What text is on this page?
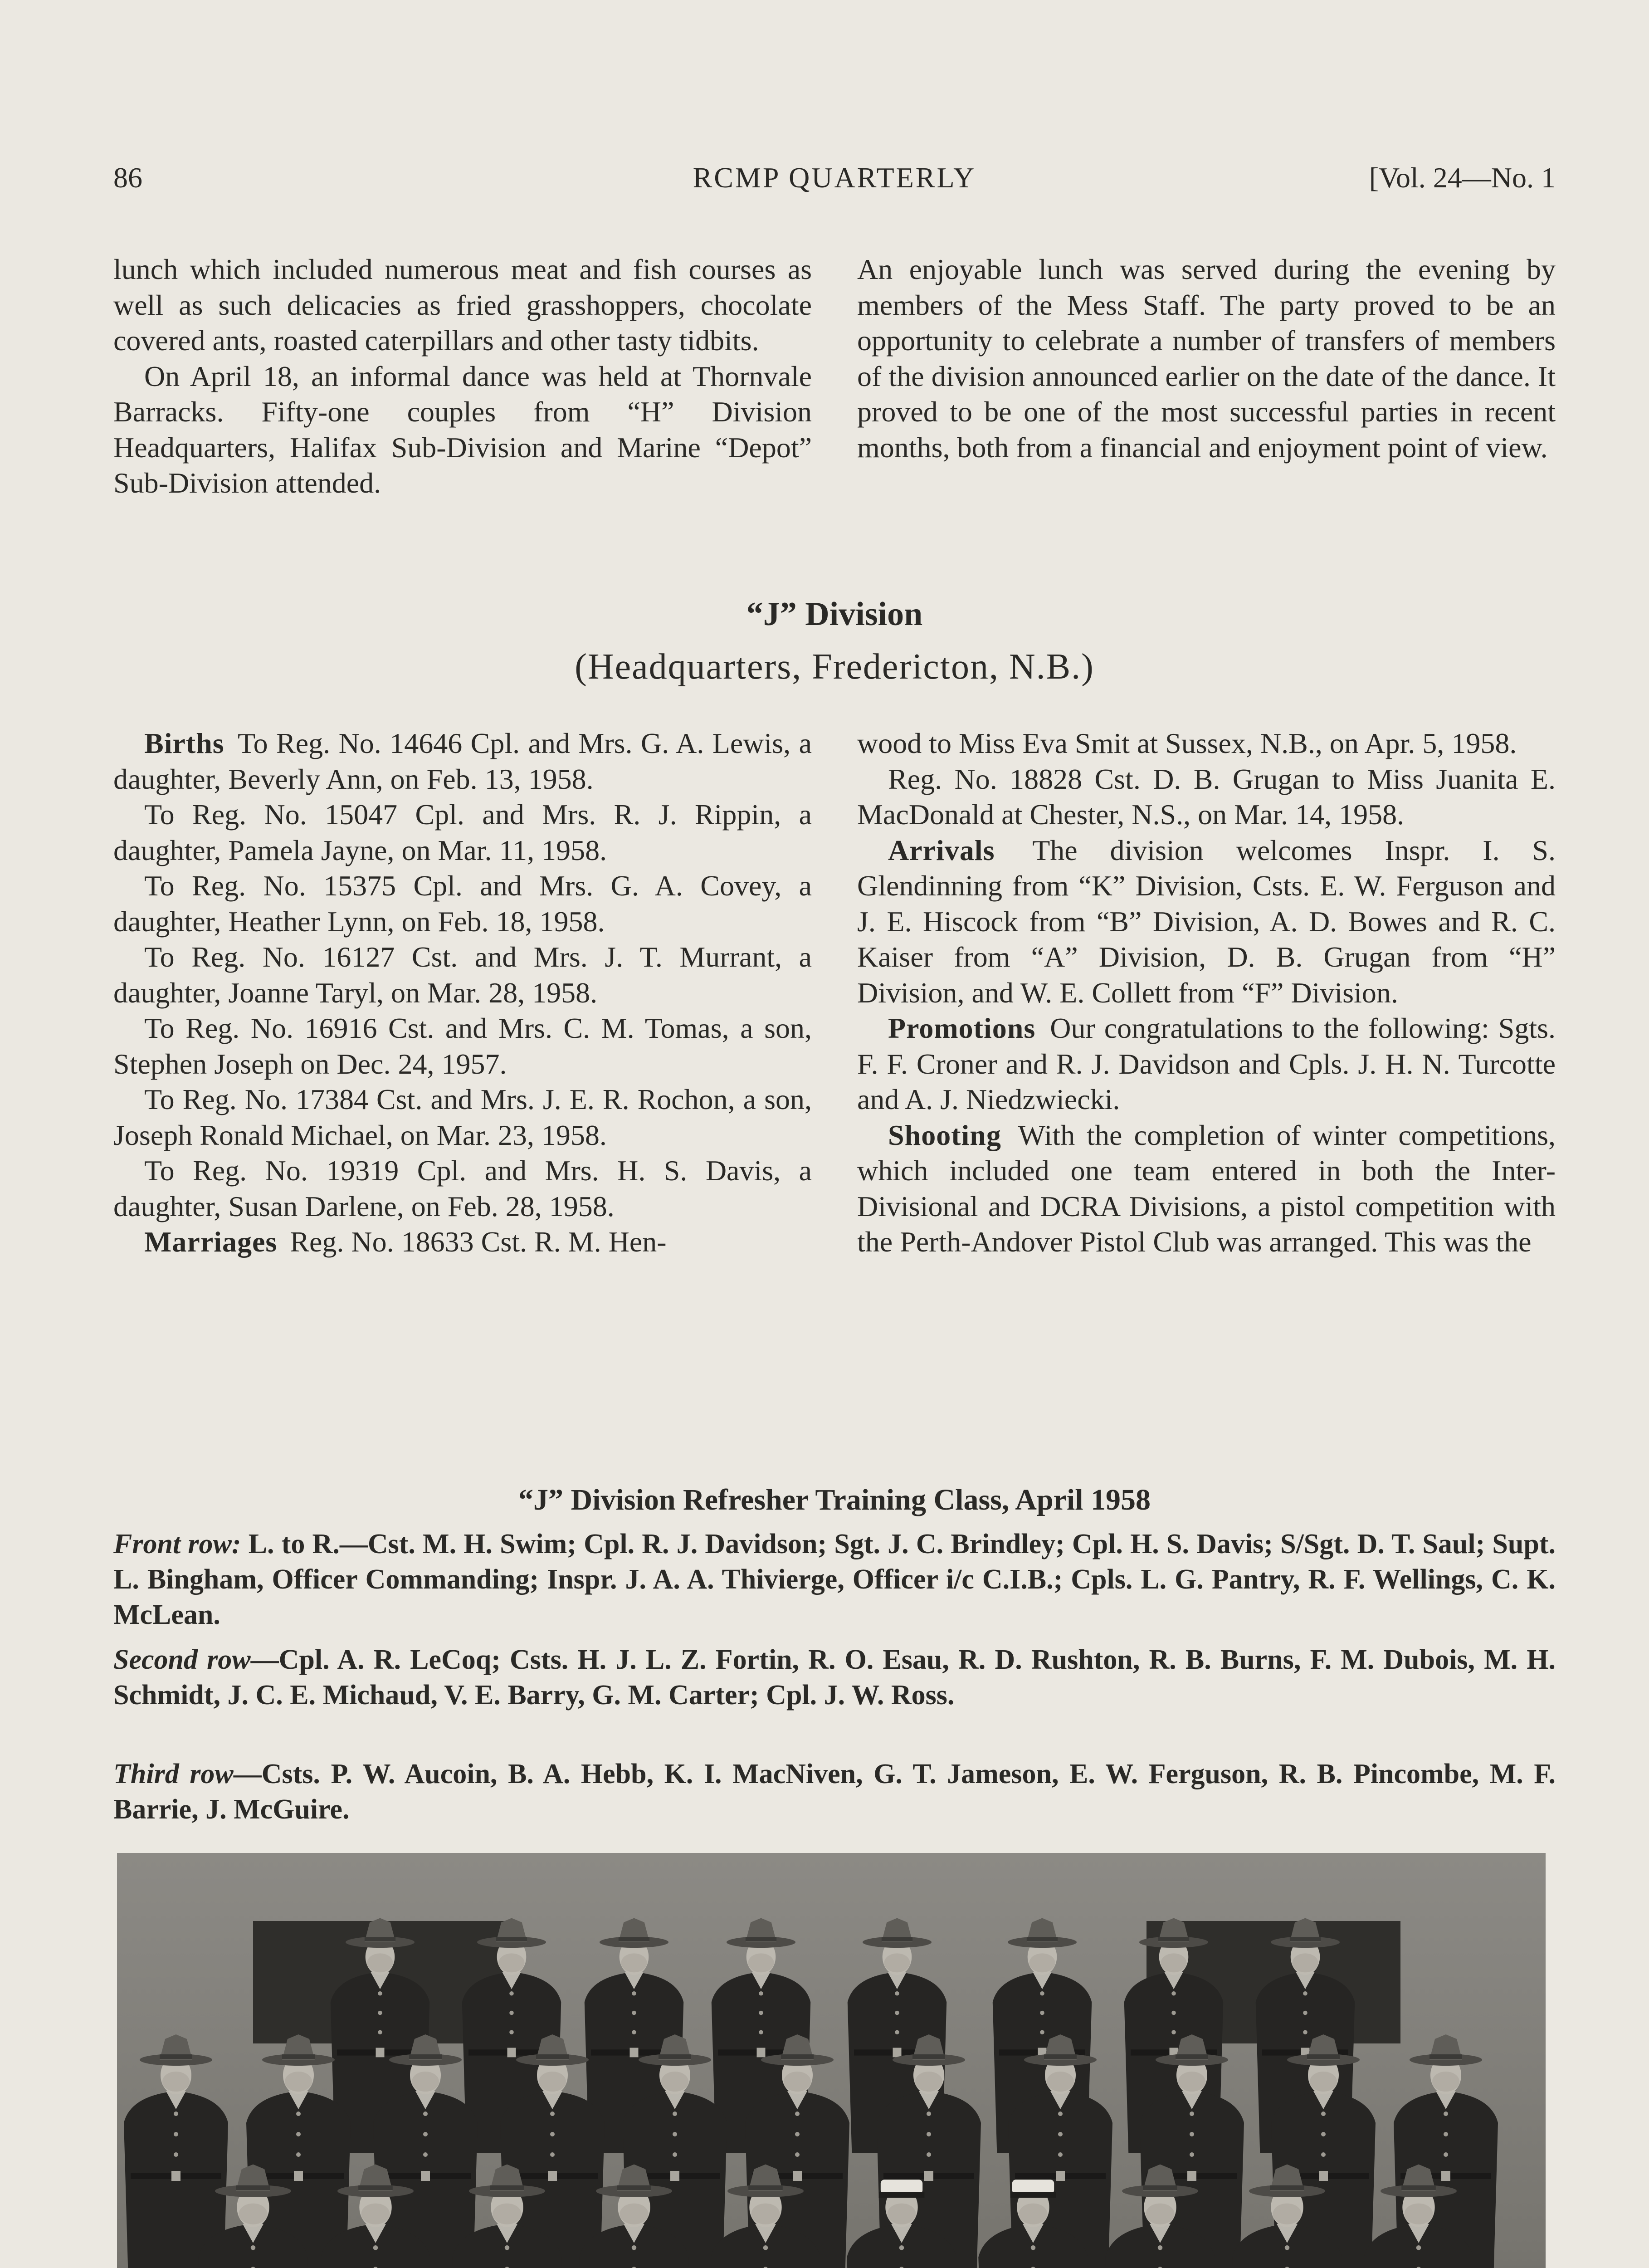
86	RCMP QUARTERLY	[Vol. 24—No. 1

lunch which included numerous meat and fish courses as well as such delicacies as fried grasshoppers, chocolate covered ants, roasted caterpillars and other tasty tidbits.

On April 18, an informal dance was held at Thornvale Barracks. Fifty-one couples from “H” Division Headquarters, Halifax Sub-Division and Marine “Depot” Sub-Division attended.

An enjoyable lunch was served during the evening by members of the Mess Staff. The party proved to be an opportunity to celebrate a number of transfers of members of the division announced earlier on the date of the dance. It proved to be one of the most successful parties in recent months, both from a financial and enjoyment point of view.

“J” Division
(Headquarters, Fredericton, N.B.)

Births To Reg. No. 14646 Cpl. and Mrs. G. A. Lewis, a daughter, Beverly Ann, on Feb. 13, 1958.

To Reg. No. 15047 Cpl. and Mrs. R. J. Rippin, a daughter, Pamela Jayne, on Mar. 11, 1958.

To Reg. No. 15375 Cpl. and Mrs. G. A. Covey, a daughter, Heather Lynn, on Feb. 18, 1958.

To Reg. No. 16127 Cst. and Mrs. J. T. Murrant, a daughter, Joanne Taryl, on Mar. 28, 1958.

To Reg. No. 16916 Cst. and Mrs. C. M. Tomas, a son, Stephen Joseph on Dec. 24, 1957.

To Reg. No. 17384 Cst. and Mrs. J. E. R. Rochon, a son, Joseph Ronald Michael, on Mar. 23, 1958.

To Reg. No. 19319 Cpl. and Mrs. H. S. Davis, a daughter, Susan Darlene, on Feb. 28, 1958.

Marriages Reg. No. 18633 Cst. R. M. Hen-

wood to Miss Eva Smit at Sussex, N.B., on Apr. 5, 1958.

Reg. No. 18828 Cst. D. B. Grugan to Miss Juanita E. MacDonald at Chester, N.S., on Mar. 14, 1958.

Arrivals The division welcomes Inspr. I. S. Glendinning from “K” Division, Csts. E. W. Ferguson and J. E. Hiscock from “B” Division, A. D. Bowes and R. C. Kaiser from “A” Division, D. B. Grugan from “H” Division, and W. E. Collett from “F” Division.

Promotions Our congratulations to the following: Sgts. F. F. Croner and R. J. Davidson and Cpls. J. H. N. Turcotte and A. J. Niedzwiecki.

Shooting With the completion of winter competitions, which included one team entered in both the Inter-Divisional and DCRA Divisions, a pistol competition with the Perth-Andover Pistol Club was arranged. This was the

“J” Division Refresher Training Class, April 1958
Front row: L. to R.—Cst. M. H. Swim; Cpl. R. J. Davidson; Sgt. J. C. Brindley; Cpl. H. S. Davis; S/Sgt. D. T. Saul; Supt. L. Bingham, Officer Commanding; Inspr. J. A. A. Thivierge, Officer i/c C.I.B.; Cpls. L. G. Pantry, R. F. Wellings, C. K. McLean.
Second row—Cpl. A. R. LeCoq; Csts. H. J. L. Z. Fortin, R. O. Esau, R. D. Rushton, R. B. Burns, F. M. Dubois, M. H. Schmidt, J. C. E. Michaud, V. E. Barry, G. M. Carter; Cpl. J. W. Ross.
Third row—Csts. P. W. Aucoin, B. A. Hebb, K. I. MacNiven, G. T. Jameson, E. W. Ferguson, R. B. Pincombe, M. F. Barrie, J. McGuire.
